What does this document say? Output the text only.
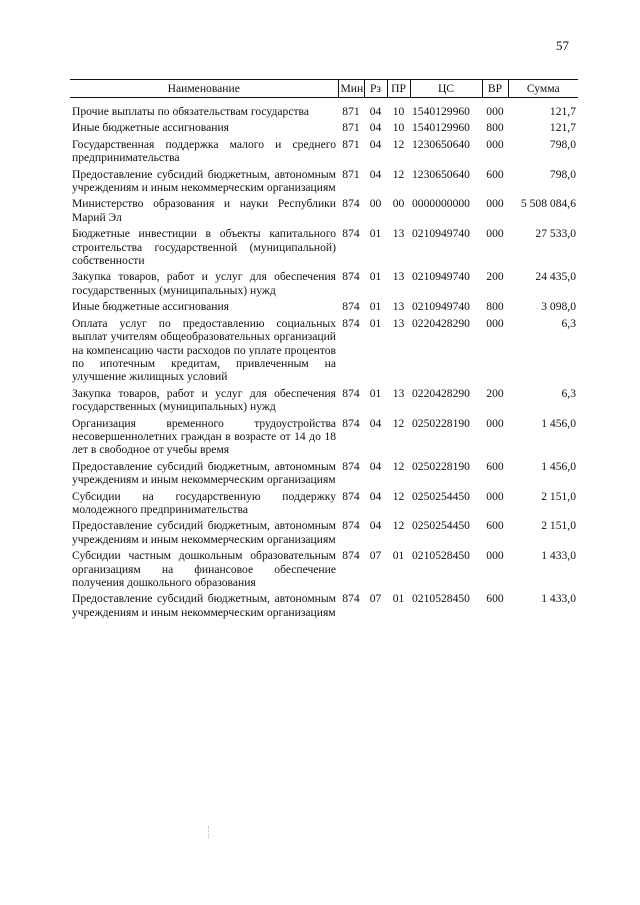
57
Наименование	Мин	Рз	ПР	ЦС	ВР	Сумма
Прочие выплаты по обязательствам государства	871	04	10	1540129960	000	121,7
Иные бюджетные ассигнования	871	04	10	1540129960	800	121,7
Государственная поддержка малого и среднего предпринимательства	871	04	12	1230650640	000	798,0
Предоставление субсидий бюджетным, автономным учреждениям и иным некоммерческим организациям	871	04	12	1230650640	600	798,0
Министерство образования и науки Республики Марий Эл	874	00	00	0000000000	000	5 508 084,6
Бюджетные инвестиции в объекты капитального строительства государственной (муниципальной) собственности	874	01	13	0210949740	000	27 533,0
Закупка товаров, работ и услуг для обеспечения государственных (муниципальных) нужд	874	01	13	0210949740	200	24 435,0
Иные бюджетные ассигнования	874	01	13	0210949740	800	3 098,0
Оплата услуг по предоставлению социальных выплат учителям общеобразовательных организаций на компенсацию части расходов по уплате процентов по ипотечным кредитам, привлеченным на улучшение жилищных условий	874	01	13	0220428290	000	6,3
Закупка товаров, работ и услуг для обеспечения государственных (муниципальных) нужд	874	01	13	0220428290	200	6,3
Организация временного трудоустройства несовершеннолетних граждан в возрасте от 14 до 18 лет в свободное от учебы время	874	04	12	0250228190	000	1 456,0
Предоставление субсидий бюджетным, автономным учреждениям и иным некоммерческим организациям	874	04	12	0250228190	600	1 456,0
Субсидии на государственную поддержку молодежного предпринимательства	874	04	12	0250254450	000	2 151,0
Предоставление субсидий бюджетным, автономным учреждениям и иным некоммерческим организациям	874	04	12	0250254450	600	2 151,0
Субсидии частным дошкольным образовательным организациям на финансовое обеспечение получения дошкольного образования	874	07	01	0210528450	000	1 433,0
Предоставление субсидий бюджетным, автономным учреждениям и иным некоммерческим организациям	874	07	01	0210528450	600	1 433,0
